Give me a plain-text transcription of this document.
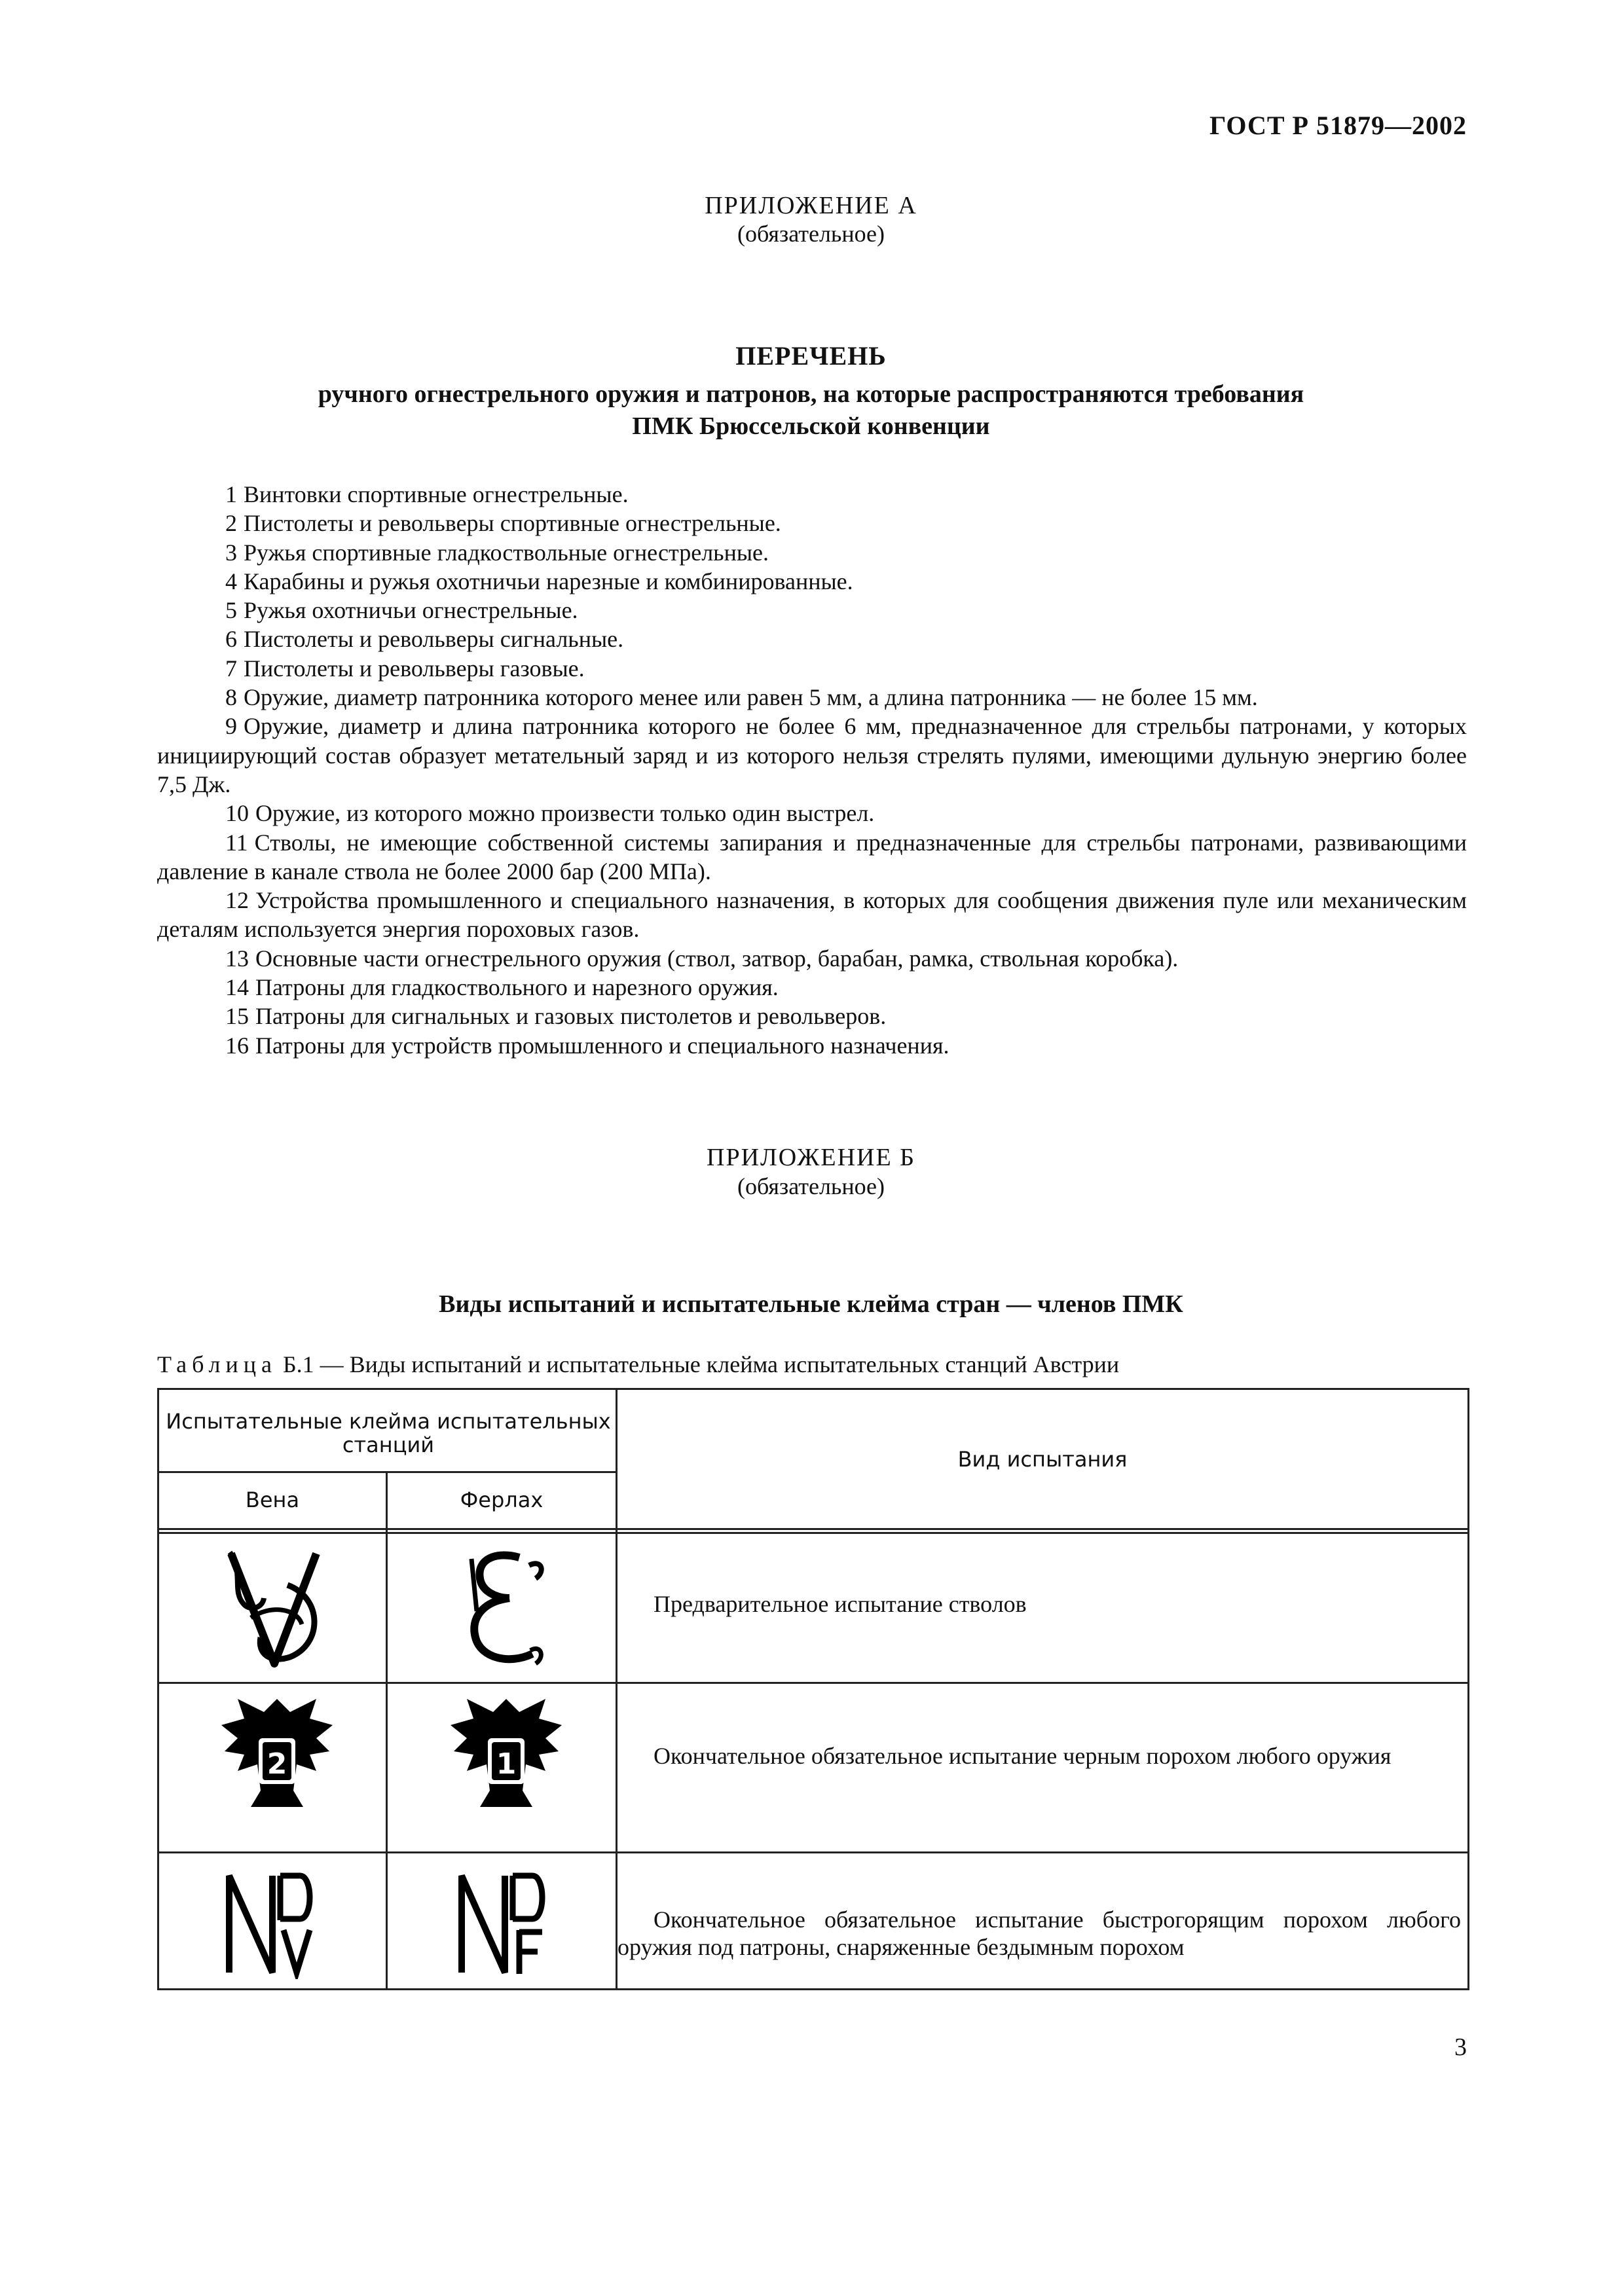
ГОСТ Р 51879—2002
ПРИЛОЖЕНИЕ А
(обязательное)
ПЕРЕЧЕНЬ
ручного огнестрельного оружия и патронов, на которые распространяются требования
ПМК Брюссельской конвенции
1 Винтовки спортивные огнестрельные.
2 Пистолеты и револьверы спортивные огнестрельные.
3 Ружья спортивные гладкоствольные огнестрельные.
4 Карабины и ружья охотничьи нарезные и комбинированные.
5 Ружья охотничьи огнестрельные.
6 Пистолеты и револьверы сигнальные.
7 Пистолеты и револьверы газовые.
8 Оружие, диаметр патронника которого менее или равен 5 мм, а длина патронника — не более 15 мм.
9 Оружие, диаметр и длина патронника которого не более 6 мм, предназначенное для стрельбы патронами, у которых инициирующий состав образует метательный заряд и из которого нельзя стрелять пулями, имеющими дульную энергию более 7,5 Дж.
10 Оружие, из которого можно произвести только один выстрел.
11 Стволы, не имеющие собственной системы запирания и предназначенные для стрельбы патронами, развивающими давление в канале ствола не более 2000 бар (200 МПа).
12 Устройства промышленного и специального назначения, в которых для сообщения движения пуле или механическим деталям используется энергия пороховых газов.
13 Основные части огнестрельного оружия (ствол, затвор, барабан, рамка, ствольная коробка).
14 Патроны для гладкоствольного и нарезного оружия.
15 Патроны для сигнальных и газовых пистолетов и револьверов.
16 Патроны для устройств промышленного и специального назначения.
ПРИЛОЖЕНИЕ Б
(обязательное)
Виды испытаний и испытательные клейма стран — членов ПМК
Таблица Б.1 — Виды испытаний и испытательные клейма испытательных станций Австрии
Испытательные клейма испытательных станций
Вена	Ферлах
Вид испытания
Предварительное испытание стволов
2	1	Окончательное обязательное испытание черным порохом любого оружия
Окончательное обязательное испытание быстрогорящим порохом любого оружия под патроны, снаряженные бездымным порохом
3
